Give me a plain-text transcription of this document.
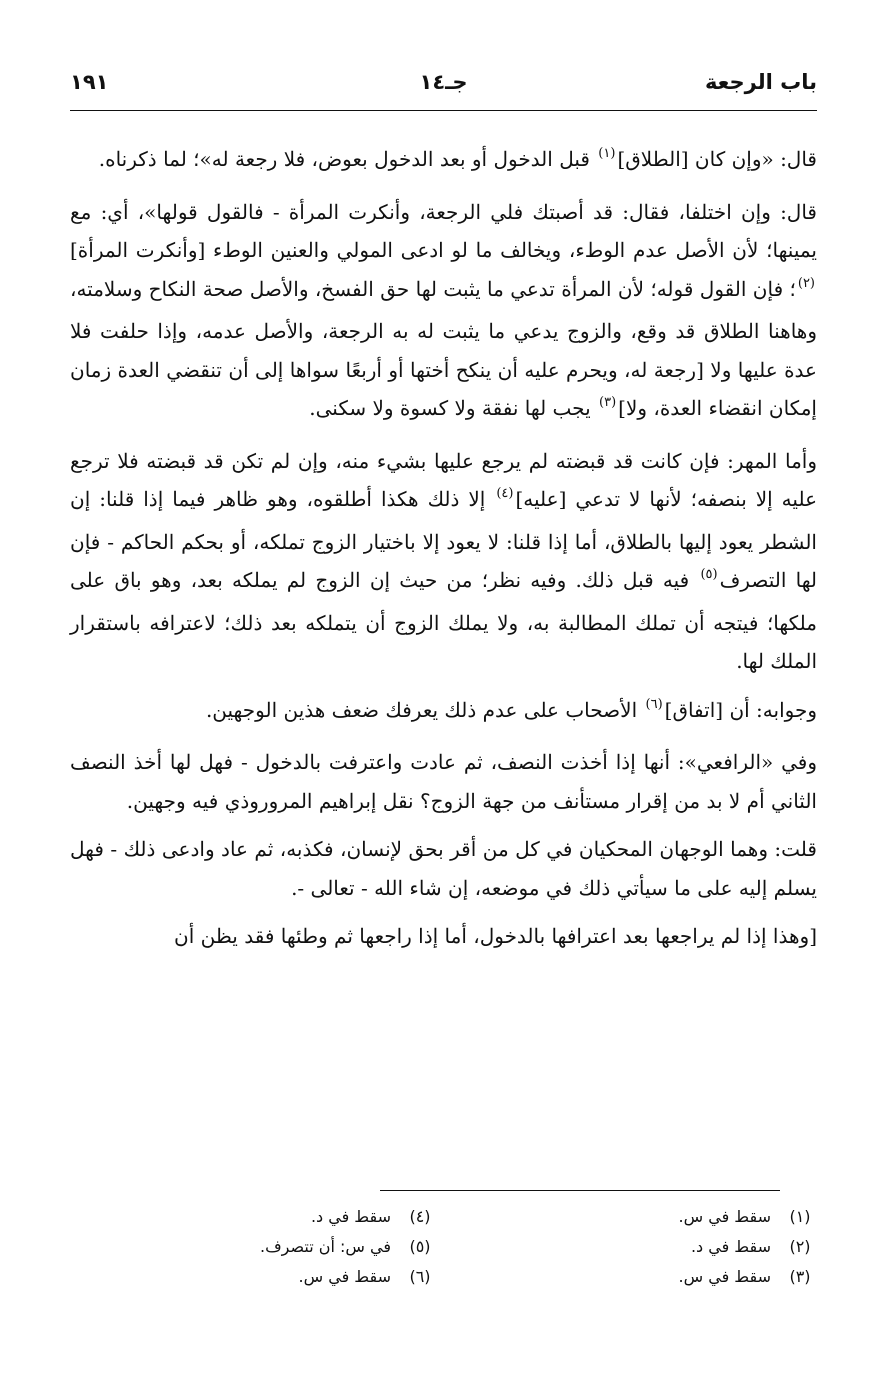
باب الرجعة
جـ١٤
١٩١

قال: «وإن كان [الطلاق]$^{(١)}$ قبل الدخول أو بعد الدخول بعوض، فلا رجعة له»؛ لما ذكرناه.

قال: وإن اختلفا، فقال: قد أصبتك فلي الرجعة، وأنكرت المرأة - فالقول قولها»، أي: مع يمينها؛ لأن الأصل عدم الوطء، ويخالف ما لو ادعى المولي والعنين الوطء [وأنكرت المرأة]$^{(٢)}$؛ فإن القول قوله؛ لأن المرأة تدعي ما يثبت لها حق الفسخ، والأصل صحة النكاح وسلامته، وهاهنا الطلاق قد وقع، والزوج يدعي ما يثبت له به الرجعة، والأصل عدمه، وإذا حلفت فلا عدة عليها ولا [رجعة له، ويحرم عليه أن ينكح أختها أو أربعًا سواها إلى أن تنقضي العدة زمان إمكان انقضاء العدة، ولا]$^{(٣)}$ يجب لها نفقة ولا كسوة ولا سكنى.

وأما المهر: فإن كانت قد قبضته لم يرجع عليها بشيء منه، وإن لم تكن قد قبضته فلا ترجع عليه إلا بنصفه؛ لأنها لا تدعي [عليه]$^{(٤)}$ إلا ذلك هكذا أطلقوه، وهو ظاهر فيما إذا قلنا: إن الشطر يعود إليها بالطلاق، أما إذا قلنا: لا يعود إلا باختيار الزوج تملكه، أو بحكم الحاكم - فإن لها التصرف$^{(٥)}$ فيه قبل ذلك. وفيه نظر؛ من حيث إن الزوج لم يملكه بعد، وهو باق على ملكها؛ فيتجه أن تملك المطالبة به، ولا يملك الزوج أن يتملكه بعد ذلك؛ لاعترافه باستقرار الملك لها.

وجوابه: أن [اتفاق]$^{(٦)}$ الأصحاب على عدم ذلك يعرفك ضعف هذين الوجهين.

وفي «الرافعي»: أنها إذا أخذت النصف، ثم عادت واعترفت بالدخول - فهل لها أخذ النصف الثاني أم لا بد من إقرار مستأنف من جهة الزوج؟ نقل إبراهيم المروروذي فيه وجهين.

قلت: وهما الوجهان المحكيان في كل من أقر بحق لإنسان، فكذبه، ثم عاد وادعى ذلك - فهل يسلم إليه على ما سيأتي ذلك في موضعه، إن شاء الله - تعالى -.

[وهذا إذا لم يراجعها بعد اعترافها بالدخول، أما إذا راجعها ثم وطئها فقد يظن أن

(١)
سقط في س.
(٢)
سقط في د.
(٣)
سقط في س.
(٤)
سقط في د.
(٥)
في س: أن تتصرف.
(٦)
سقط في س.
